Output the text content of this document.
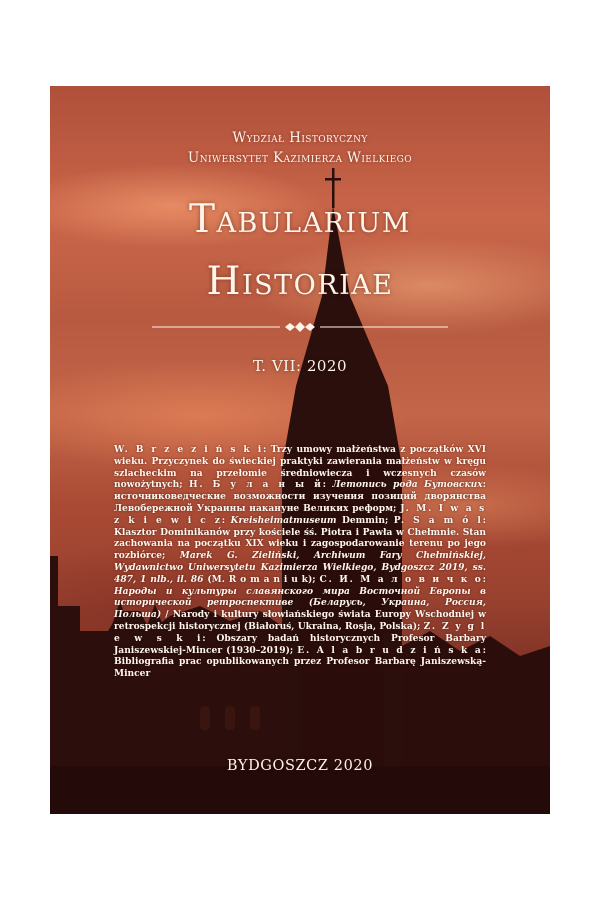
Wydział Historyczny
Uniwersytet Kazimierza Wielkiego
Tabularium
Historiae
T. VII: 2020
W. B r z e z i ń s k i: Trzy umowy małżeństwa z początków XVI wieku. Przyczynek do świeckiej praktyki zawierania małżeństw w kręgu szlacheckim na przełomie średniowiecza i wczesnych czasów nowożytnych; Н. Б у л а н ы й: Летопись рода Бутовских: источниковедческие возможности изучения позиций дворянства Левобережной Украины накануне Великих реформ; J. M. I w a s z k i e w i c z: Kreisheimatmuseum Demmin; P. S a m ó l: Klasztor Dominikanów przy kościele śś. Piotra i Pawła w Chełmnie. Stan zachowania na początku XIX wieku i zagospodarowanie terenu po jego rozbiórce; Marek G. Zieliński, Archiwum Fary Chełmińskiej, Wydawnictwo Uniwersytetu Kazimierza Wielkiego, Bydgoszcz 2019, ss. 487, 1 nlb., il. 86 (M. R o m a n i u k); С. И. М а л о в и ч к о: Народы и культуры славянского мира Восточной Европы в исторической ретроспективе (Беларусь, Украина, Россия, Польша) / Narody i kultury słowiańskiego świata Europy Wschodniej w retrospekcji historycznej (Białoruś, Ukraina, Rosja, Polska); Z. Z y g l e w s k i: Obszary badań historycznych Profesor Barbary Janiszewskiej-Mincer (1930–2019); E. A l a b r u d z i ń s k a: Bibliografia prac opublikowanych przez Profesor Barbarę Janiszewską-Mincer
BYDGOSZCZ 2020
